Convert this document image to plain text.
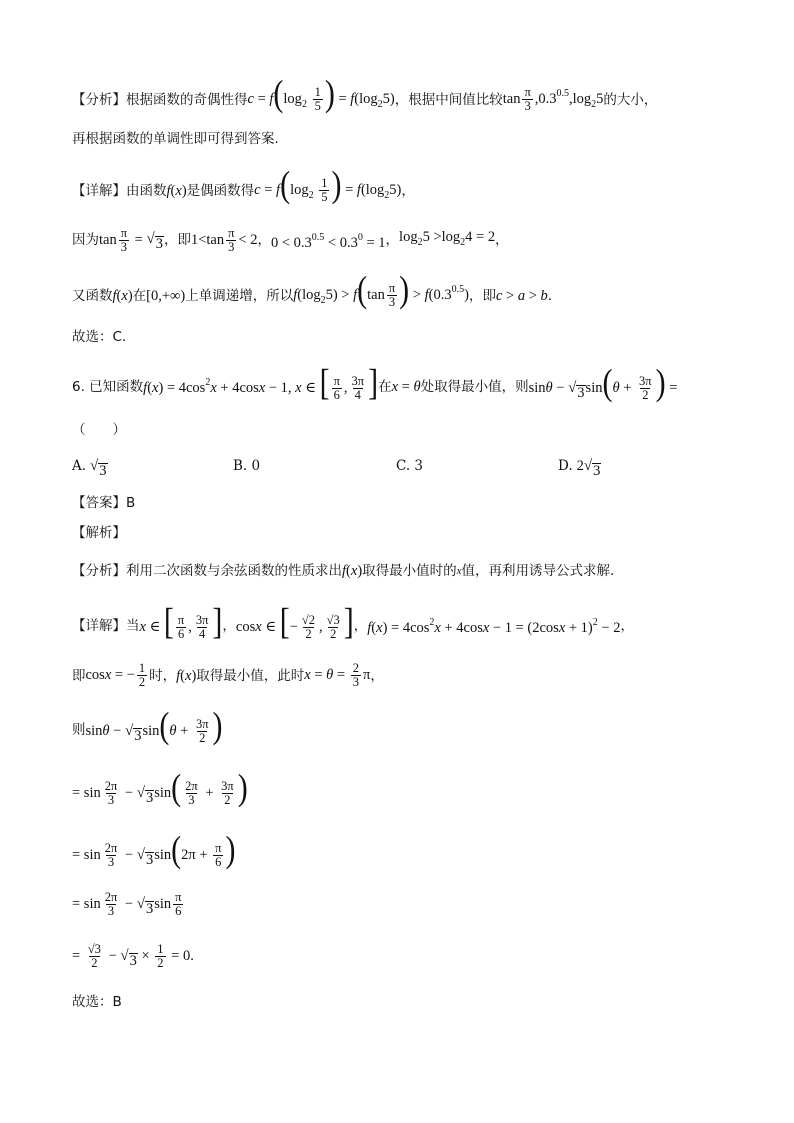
【分析】 根据函数的奇偶性得 $c = f(\log_2 \frac{1}{5}$ ) = $f(\log_25)$ ，根据中间值比较 $\tan \frac{\pi}{3} ,0.3^{0.5},\log_25$ 的大小，
再根据函数的单调性即可得到答案.
【详解】 由函数 f(x) 是偶函数得 $c = f(\log_2 \frac{1}{5}$ ) = $f(\log_25)$ ，
因为 $\tan \frac{\pi}{3}$ = √ 3 ，即 $1<\tan \frac{\pi}{3} < 2$ ， $0 < 0.3^{0.5} < 0.3^0 = 1$ ， $\log_25 >\log_24 = 2$ ，
又函数 f(x) 在 [0,+∞) 上单调递增，所以 $f(\log_25) > f(\tan \frac{\pi}{3}$ ) > $f(0.3^{0.5})$ ，即 c > a > b .
故选：C.
6. 已知函数 $f(x) = 4\cos^2x + 4\cos x - 1$, x ∈ [ $\frac{\pi}{6}$ , $\frac{3\pi}{4}$ ] 在 x = θ 处取得最小值，则 sinθ − √ 3 $\sin(\theta + \frac{3\pi}{2}$ ) =
（　　）
A. √ 3	B. 0	C. 3	D. 2 √ 3
【答案】B
【解析】
【分析】 利用二次函数与余弦函数的性质求出 f(x) 取得最小值时的 x 值，再利用诱导公式求解.
【详解】 当 x ∈ [ $\frac{\pi}{6}$ , $\frac{3\pi}{4}$ ] ， cosx ∈ [− $\frac{√2}{2}$ , $\frac{√3}{2}$ ] ， $f(x) = 4\cos^2x + 4\cos x - 1 = (2\cos x + 1)^2 - 2$ ，
即 cosx = − $\frac{1}{2}$ 时， f(x) 取得最小值，此时 $x = \theta = \frac{2}{3}$ π ，
则 sinθ − √ 3 $\sin(\theta + \frac{3\pi}{2}$ )
= $\sin \frac{2\pi}{3}$ − √ 3 $\sin( \frac{2\pi}{3} + \frac{3\pi}{2}$ )
= $\sin \frac{2\pi}{3}$ − √ 3 $\sin(2\pi + \frac{\pi}{6}$ )
= $\sin \frac{2\pi}{3}$ − √ 3 $\sin \frac{\pi}{6}$
= $\frac{√3}{2}$ − √ $3 \times \frac{1}{2} = 0$.
故选：B
